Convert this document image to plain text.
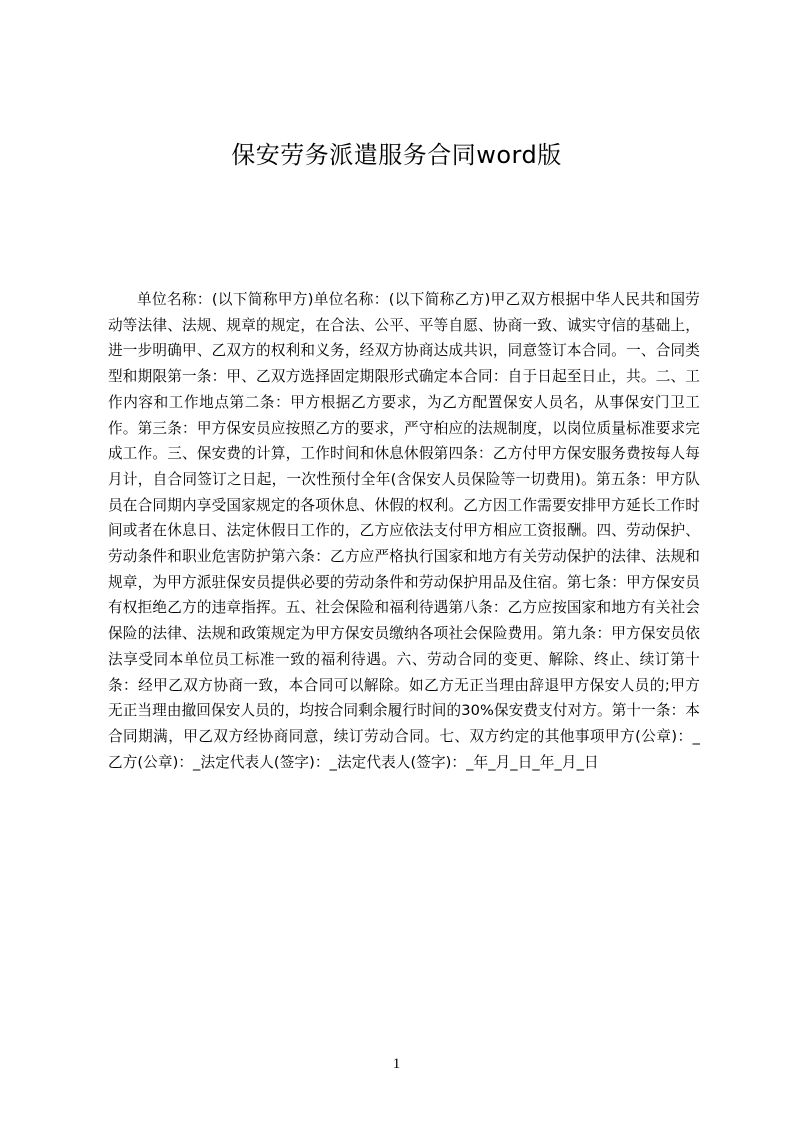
保安劳务派遣服务合同word版

单位名称：(以下简称甲方)单位名称：(以下简称乙方)甲乙双方根据中华人民共和国劳动等法律、法规、规章的规定，在合法、公平、平等自愿、协商一致、诚实守信的基础上，进一步明确甲、乙双方的权利和义务，经双方协商达成共识，同意签订本合同。一、合同类型和期限第一条：甲、乙双方选择固定期限形式确定本合同：自于日起至日止，共。二、工作内容和工作地点第二条：甲方根据乙方要求，为乙方配置保安人员名，从事保安门卫工作。第三条：甲方保安员应按照乙方的要求，严守桕应的法规制度，以岗位质量标准要求完成工作。三、保安费的计算，工作时间和休息休假第四条：乙方付甲方保安服务费按每人每月计，自合同签订之日起，一次性预付全年(含保安人员保险等一切费用)。第五条：甲方队员在合同期内享受国家规定的各项休息、休假的权利。乙方因工作需要安排甲方延长工作时间或者在休息日、法定休假日工作的，乙方应依法支付甲方相应工资报酬。四、劳动保护、劳动条件和职业危害防护第六条：乙方应严格执行国家和地方有关劳动保护的法律、法规和规章，为甲方派驻保安员提供必要的劳动条件和劳动保护用品及住宿。第七条：甲方保安员有权拒绝乙方的违章指挥。五、社会保险和福利待遇第八条：乙方应按国家和地方有关社会保险的法律、法规和政策规定为甲方保安员缴纳各项社会保险费用。第九条：甲方保安员依法享受同本单位员工标准一致的福利待遇。六、劳动合同的变更、解除、终止、续订第十条：经甲乙双方协商一致，本合同可以解除。如乙方无正当理由辞退甲方保安人员的;甲方无正当理由撤回保安人员的，均按合同剩余履行时间的30%保安费支付对方。第十一条：本合同期满，甲乙双方经协商同意，续订劳动合同。七、双方约定的其他事项甲方(公章)：_乙方(公章)：_法定代表人(签字)：_法定代表人(签字)：_年_月_日_年_月_日

1
